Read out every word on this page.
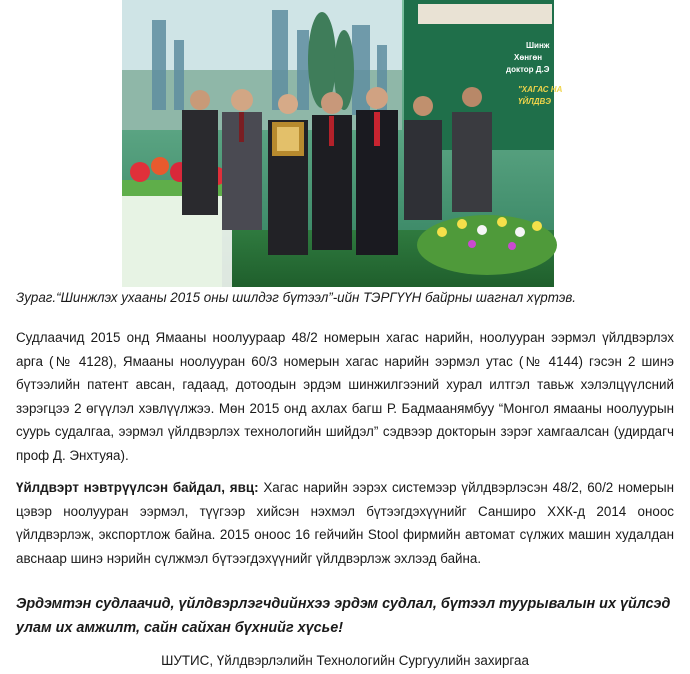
Шинж
Хөнгөн
доктор Д.Э
"ХАГАС НА
ҮЙЛДВЭ
Зураг.“Шинжлэх ухааны 2015 оны шилдэг бүтээл”-ийн ТЭРГҮҮН байрны шагнал хүртэв.

Судлаачид 2015 онд Ямааны ноолуураар 48/2 номерын хагас нарийн, ноолууран ээрмэл үйлдвэрлэх арга (№ 4128), Ямааны ноолууран 60/3 номерын хагас нарийн ээрмэл утас (№ 4144) гэсэн 2 шинэ бүтээлийн патент авсан, гадаад, дотоодын эрдэм шинжилгээний хурал илтгэл тавьж хэлэлцүүлсний зэрэгцээ 2 өгүүлэл хэвлүүлжээ. Мөн 2015 онд ахлах багш Р. Бадмаанямбуу “Монгол ямааны ноолуурын суурь судалгаа, ээрмэл үйлдвэрлэх технологийн шийдэл” сэдвээр докторын зэрэг хамгаалсан (удирдагч проф Д. Энхтуяа).

Үйлдвэрт нэвтрүүлсэн байдал, явц: Хагас нарийн ээрэх системээр үйлдвэрлэсэн 48/2, 60/2 номерын цэвэр ноолууран ээрмэл, түүгээр хийсэн нэхмэл бүтээгдэхүүнийг Санширо ХХК-д 2014 оноос үйлдвэрлэж, экспортлож байна. 2015 оноос 16 гейчийн Stool фирмийн автомат сүлжих машин худалдан авснаар шинэ нэрийн сүлжмэл бүтээгдэхүүнийг үйлдвэрлэж эхлээд байна.

Эрдэмтэн судлаачид, үйлдвэрлэгчдийнхээ эрдэм судлал, бүтээл туурывалын их үйлсэд улам их амжилт, сайн сайхан бүхнийг хүсье!

ШУТИС, Үйлдвэрлэлийн Технологийн Сургуулийн захиргаа
